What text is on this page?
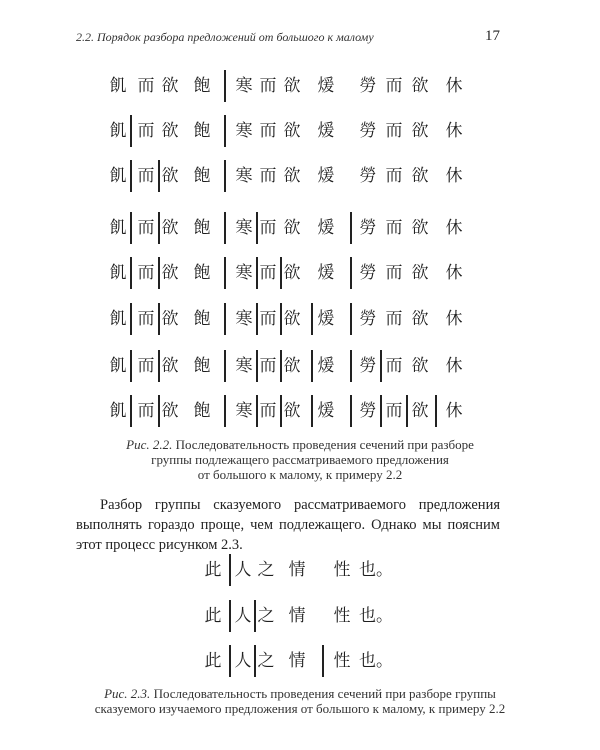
2.2. Порядок разбора предложений от большого к малому	17
飢 而 欲 飽 寒 而 欲 煖 勞 而 欲 休
飢 而 欲 飽 寒 而 欲 煖 勞 而 欲 休
飢 而 欲 飽 寒 而 欲 煖 勞 而 欲 休
飢 而 欲 飽 寒 而 欲 煖 勞 而 欲 休
飢 而 欲 飽 寒 而 欲 煖 勞 而 欲 休
飢 而 欲 飽 寒 而 欲 煖 勞 而 欲 休
飢 而 欲 飽 寒 而 欲 煖 勞 而 欲 休
飢 而 欲 飽 寒 而 欲 煖 勞 而 欲 休
Рис. 2.2. Последовательность проведения сечений при разборе
группы подлежащего рассматриваемого предложения
от большого к малому, к примеру 2.2
Разбор группы сказуемого рассматриваемого предложения выполнять гораздо проще, чем подлежащего. Однако мы поясним этот процесс рисунком 2.3.
此 人 之 情 性 也。
此 人 之 情 性 也。
此 人 之 情 性 也。
Рис. 2.3. Последовательность проведения сечений при разборе группы
сказуемого изучаемого предложения от большого к малому, к примеру 2.2
